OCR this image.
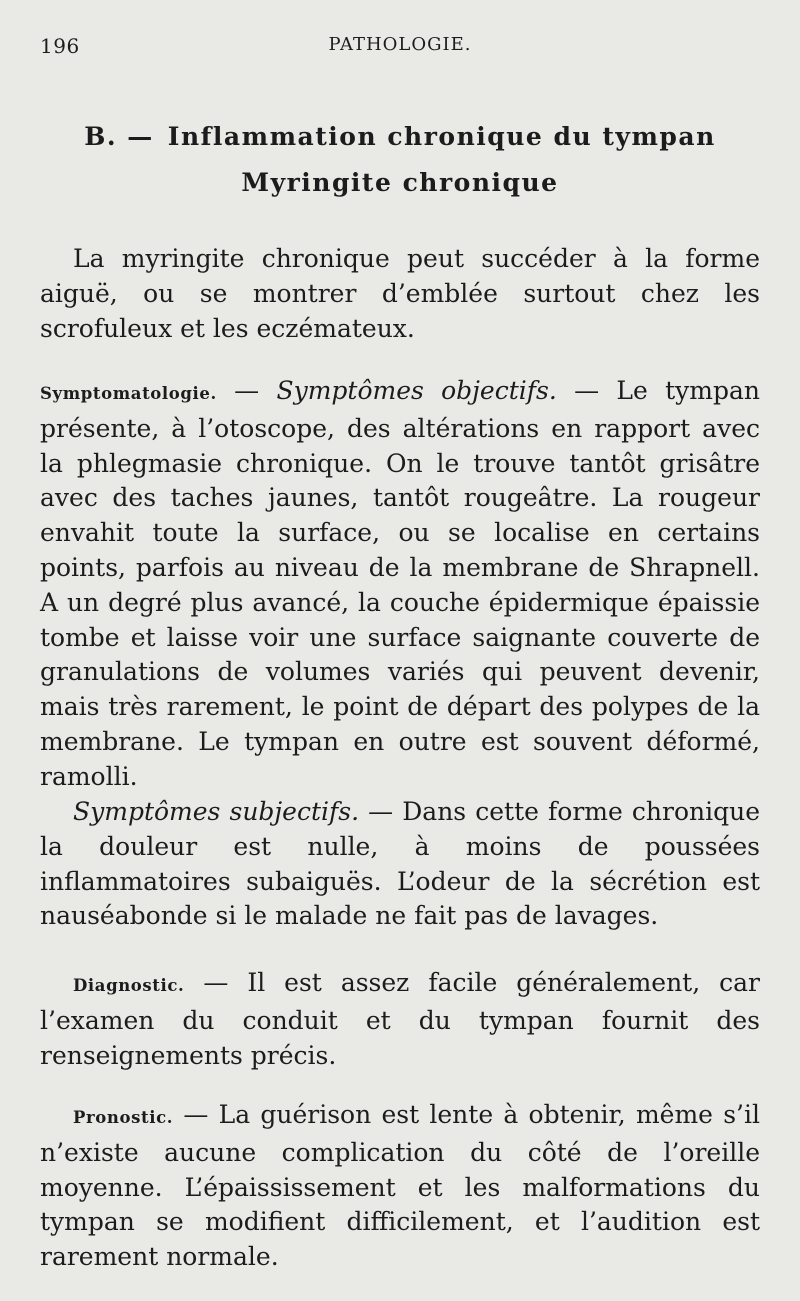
196	PATHOLOGIE.
B. — Inflammation chronique du tympan
Myringite chronique

La myringite chronique peut succéder à la forme aiguë, ou se montrer d’emblée surtout chez les scrofuleux et les eczémateux.

Symptomatologie. — Symptômes objectifs. — Le tympan présente, à l’otoscope, des altérations en rapport avec la phlegmasie chronique. On le trouve tantôt grisâtre avec des taches jaunes, tantôt rougeâtre. La rougeur envahit toute la surface, ou se localise en certains points, parfois au niveau de la membrane de Shrapnell. A un degré plus avancé, la couche épidermique épaissie tombe et laisse voir une surface saignante couverte de granulations de volumes variés qui peuvent devenir, mais très rarement, le point de départ des polypes de la membrane. Le tympan en outre est souvent déformé, ramolli.

Symptômes subjectifs. — Dans cette forme chronique la douleur est nulle, à moins de poussées inflammatoires subaiguës. L’odeur de la sécrétion est nauséabonde si le malade ne fait pas de lavages.

Diagnostic. — Il est assez facile généralement, car l’examen du conduit et du tympan fournit des renseignements précis.

Pronostic. — La guérison est lente à obtenir, même s’il n’existe aucune complication du côté de l’oreille moyenne. L’épaississement et les malformations du tympan se modifient difficilement, et l’audition est rarement normale.
